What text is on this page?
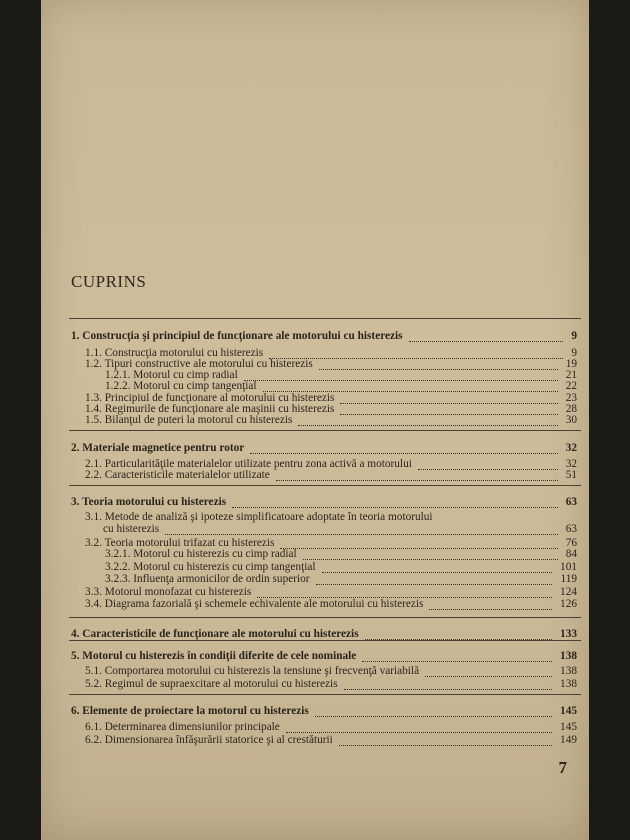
CUPRINS
1. Construcţia şi principiul de funcţionare ale motorului cu histerezis	9
1.1. Construcţia motorului cu histerezis	9
1.2. Tipuri constructive ale motorului cu histerezis	19
1.2.1. Motorul cu cimp radial	21
1.2.2. Motorul cu cimp tangenţial	22
1.3. Principiul de funcţionare al motorului cu histerezis	23
1.4. Regimurile de funcţionare ale maşinii cu histerezis	28
1.5. Bilanţul de puteri la motorul cu histerezis	30
2. Materiale magnetice pentru rotor	32
2.1. Particularităţile materialelor utilizate pentru zona activă a motorului	32
2.2. Caracteristicile materialelor utilizate	51
3. Teoria motorului cu histerezis	63
3.1. Metode de analiză şi ipoteze simplificatoare adoptate în teoria motorului
cu histerezis	63
3.2. Teoria motorului trifazat cu histerezis	76
3.2.1. Motorul cu histerezis cu cimp radial	84
3.2.2. Motorul cu histerezis cu cimp tangenţial	101
3.2.3. Influenţa armonicilor de ordin superior	119
3.3. Motorul monofazat cu histerezis	124
3.4. Diagrama fazorială şi schemele echivalente ale motorului cu histerezis	126
4. Caracteristicile de funcţionare ale motorului cu histerezis	133
5. Motorul cu histerezis în condiţii diferite de cele nominale	138
5.1. Comportarea motorului cu histerezis la tensiune şi frecvenţă variabilă	138
5.2. Regimul de supraexcitare al motorului cu histerezis	138
6. Elemente de proiectare la motorul cu histerezis	145
6.1. Determinarea dimensiunilor principale	145
6.2. Dimensionarea înfăşurării statorice şi al crestăturii	149
7
